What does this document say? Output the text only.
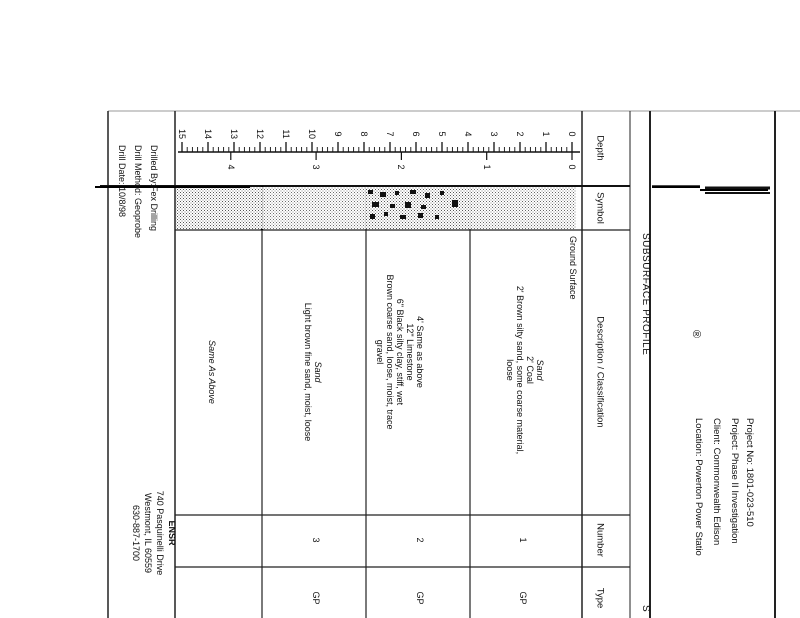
Project No: 1801-023-510
Project: Phase II Investigation
Client: Commonwealth Edison
Location: Powerton Power Statio
®
SUBSURFACE PROFILE
S
Depth
Symbol
Description / Classification
Number
Type
0
1
2
3
4
5
6
7
8
9
10
11
12
13
14
15
0
1
2
3
4
Ground Surface
Sand
2' Coal
2' Brown silty sand, some coarse material,
loose
4' Same as above
12" Limestone
6" Black silty clay, stiff, wet
Brown coarse sand, loose, moist, trace
gravel
Sand
Light brown fine sand, moist, loose
Same As Above
1
2
3
GP
GP
GP
Drilled By:Fex Drilling
Drill Method: Geoprobe
Drill Date: 10/8/98
ENSR
740 Pasquinelli Drive
Westmont, IL 60559
630-887-1700
